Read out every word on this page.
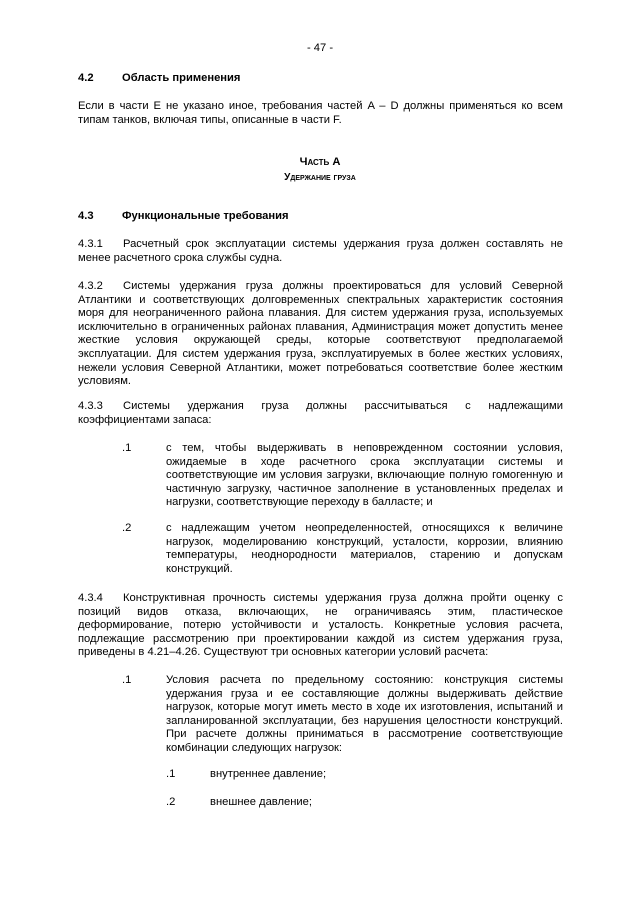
- 47 -
4.2	Область применения
Если в части E не указано иное, требования частей A – D должны применяться ко всем типам танков, включая типы, описанные в части F.
Часть A
Удержание груза
4.3	Функциональные требования
4.3.1 Расчетный срок эксплуатации системы удержания груза должен составлять не менее расчетного срока службы судна.
4.3.2 Системы удержания груза должны проектироваться для условий Северной Атлантики и соответствующих долговременных спектральных характеристик состояния моря для неограниченного района плавания. Для систем удержания груза, используемых исключительно в ограниченных районах плавания, Администрация может допустить менее жесткие условия окружающей среды, которые соответствуют предполагаемой эксплуатации. Для систем удержания груза, эксплуатируемых в более жестких условиях, нежели условия Северной Атлантики, может потребоваться соответствие более жестким условиям.
4.3.3 Системы удержания груза должны рассчитываться с надлежащими коэффициентами запаса:
.1	с тем, чтобы выдерживать в неповрежденном состоянии условия, ожидаемые в ходе расчетного срока эксплуатации системы и соответствующие им условия загрузки, включающие полную гомогенную и частичную загрузку, частичное заполнение в установленных пределах и нагрузки, соответствующие переходу в балласте; и
.2	с надлежащим учетом неопределенностей, относящихся к величине нагрузок, моделированию конструкций, усталости, коррозии, влиянию температуры, неоднородности материалов, старению и допускам конструкций.
4.3.4 Конструктивная прочность системы удержания груза должна пройти оценку с позиций видов отказа, включающих, не ограничиваясь этим, пластическое деформирование, потерю устойчивости и усталость. Конкретные условия расчета, подлежащие рассмотрению при проектировании каждой из систем удержания груза, приведены в 4.21–4.26. Существуют три основных категории условий расчета:
.1	Условия расчета по предельному состоянию: конструкция системы удержания груза и ее составляющие должны выдерживать действие нагрузок, которые могут иметь место в ходе их изготовления, испытаний и запланированной эксплуатации, без нарушения целостности конструкций. При расчете должны приниматься в рассмотрение соответствующие комбинации следующих нагрузок:
.1	внутреннее давление;
.2	внешнее давление;
